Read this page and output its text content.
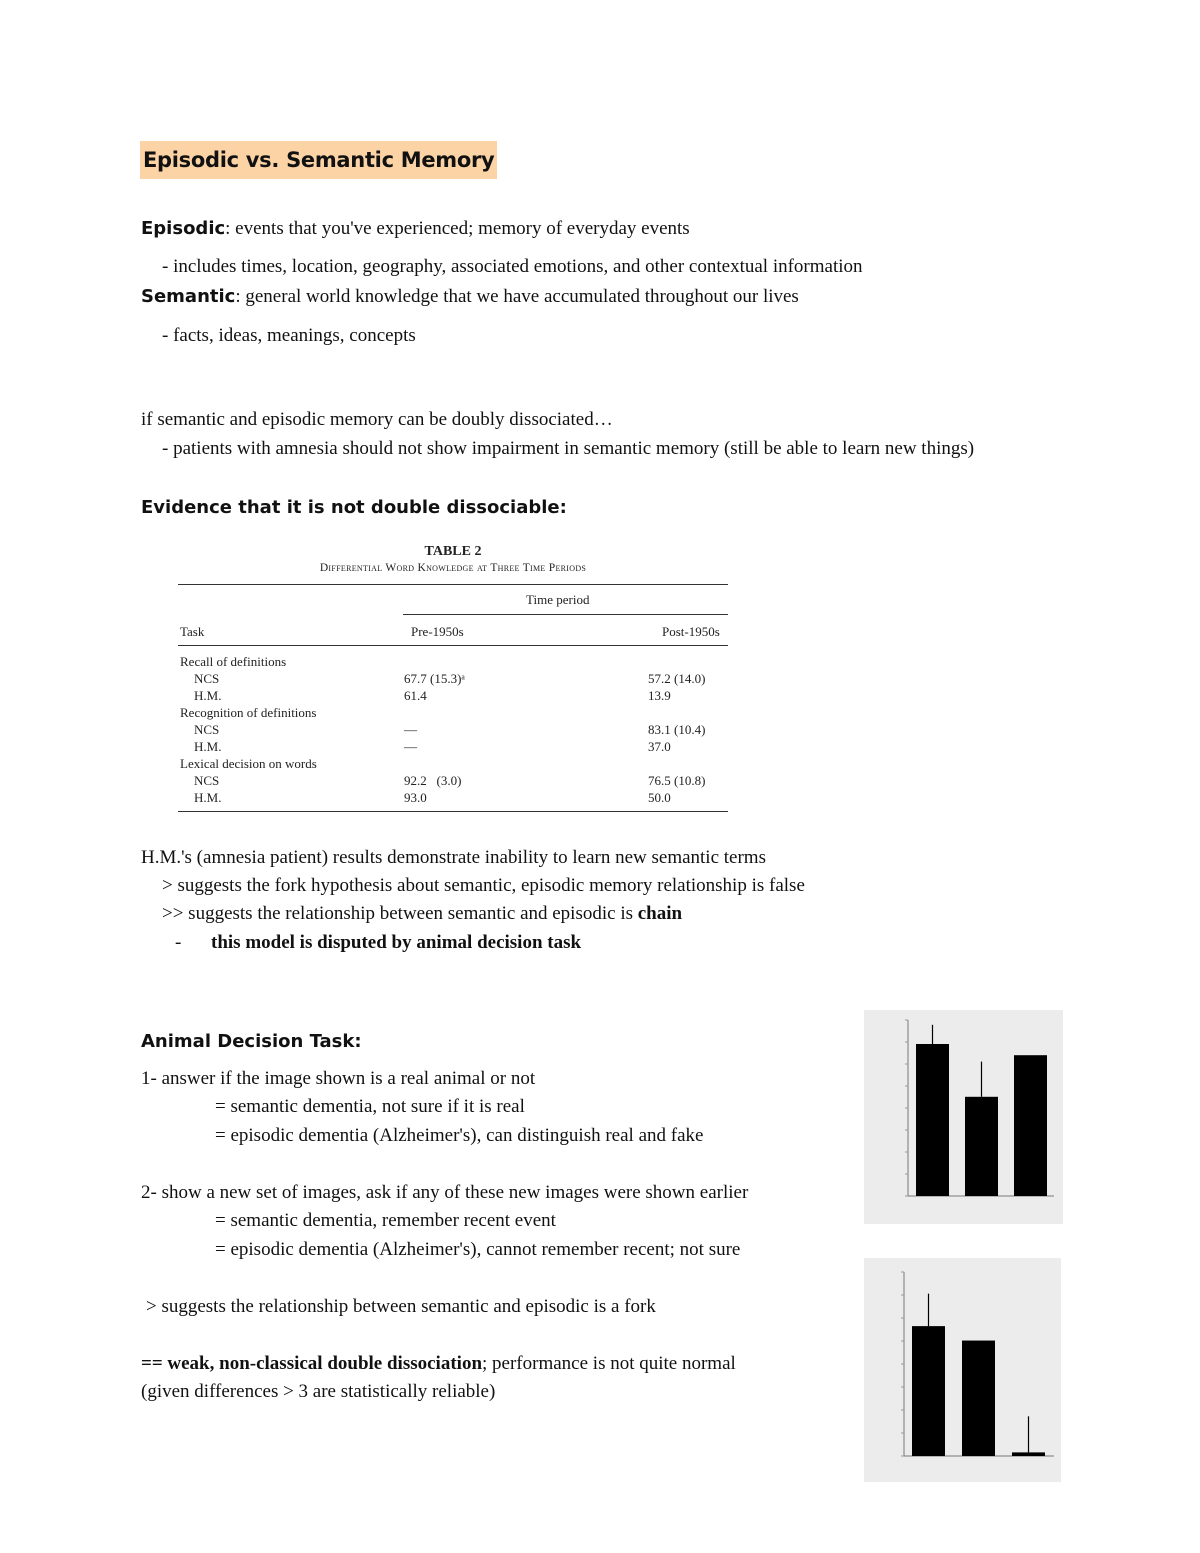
Episodic vs. Semantic Memory
Episodic: events that you've experienced; memory of everyday events
- includes times, location, geography, associated emotions, and other contextual information
Semantic: general world knowledge that we have accumulated throughout our lives
- facts, ideas, meanings, concepts
if semantic and episodic memory can be doubly dissociated…
- patients with amnesia should not show impairment in semantic memory (still be able to learn new things)
Evidence that it is not double dissociable:
TABLE 2
Differential Word Knowledge at Three Time Periods
Time period
Task	Pre-1950s	Post-1950s
Recall of definitions
NCS	67.7 (15.3)ᵃ	57.2 (14.0)
H.M.	61.4	13.9
Recognition of definitions
NCS	—	83.1 (10.4)
H.M.	—	37.0
Lexical decision on words
NCS	92.2   (3.0)	76.5 (10.8)
H.M.	93.0	50.0
H.M.'s (amnesia patient) results demonstrate inability to learn new semantic terms
> suggests the fork hypothesis about semantic, episodic memory relationship is false
>> suggests the relationship between semantic and episodic is chain
- this model is disputed by animal decision task
Animal Decision Task:
1- answer if the image shown is a real animal or not
= semantic dementia, not sure if it is real
= episodic dementia (Alzheimer's), can distinguish real and fake
2- show a new set of images, ask if any of these new images were shown earlier
= semantic dementia, remember recent event
= episodic dementia (Alzheimer's), cannot remember recent; not sure
> suggests the relationship between semantic and episodic is a fork
== weak, non-classical double dissociation; performance is not quite normal
(given differences > 3 are statistically reliable)
